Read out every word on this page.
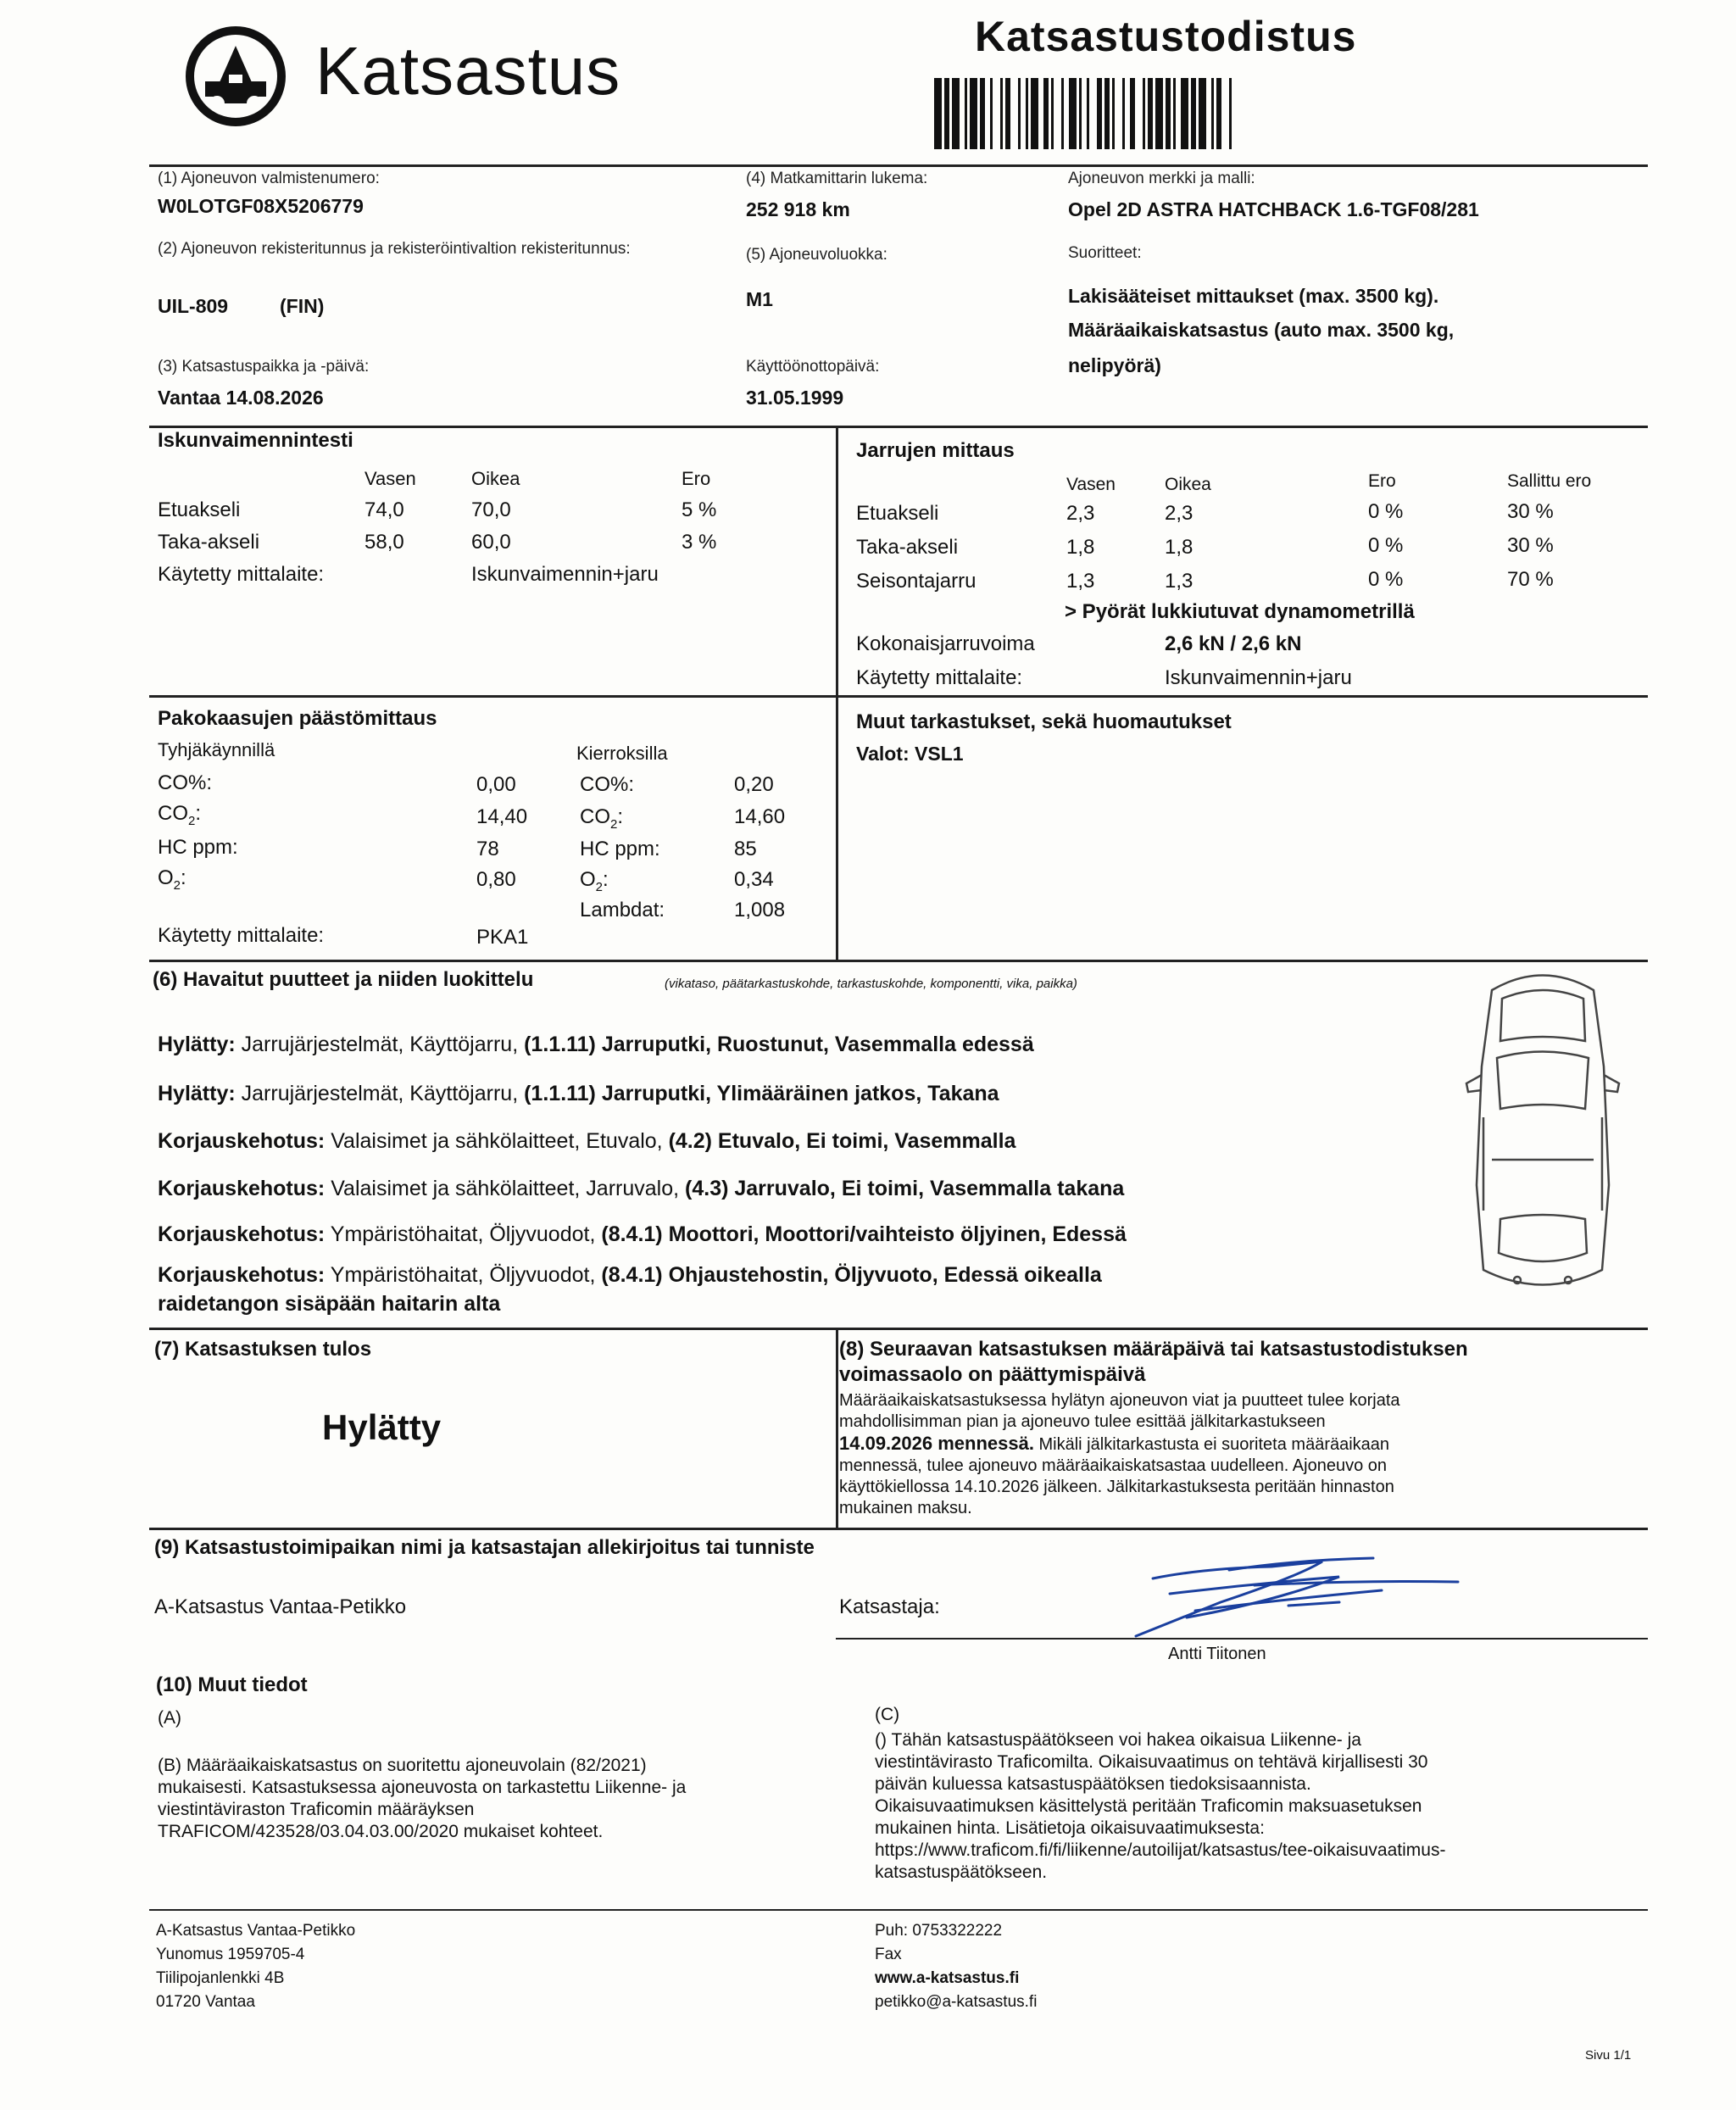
Katsastus	Katsastustodistus
(1) Ajoneuvon valmistenumero:
W0LOTGF08X5206779
(2) Ajoneuvon rekisteritunnus ja rekisteröintivaltion rekisteritunnus:
UIL-809	(FIN)
(3) Katsastuspaikka ja -päivä:
Vantaa 14.08.2026
(4) Matkamittarin lukema:
252 918 km
(5) Ajoneuvoluokka:
M1
Käyttöönottopäivä:
31.05.1999
Ajoneuvon merkki ja malli:
Opel 2D ASTRA HATCHBACK 1.6-TGF08/281
Suoritteet:
Lakisääteiset mittaukset (max. 3500 kg).
Määräaikaiskatsastus (auto max. 3500 kg,
nelipyörä)
Iskunvaimennintesti
Vasen	Oikea	Ero
Etuakseli	74,0	70,0	5 %
Taka-akseli	58,0	60,0	3 %
Käytetty mittalaite:	Iskunvaimennin+jaru
Jarrujen mittaus
Vasen	Oikea	Ero	Sallittu ero
Etuakseli	2,3	2,3	0 %	30 %
Taka-akseli	1,8	1,8	0 %	30 %
Seisontajarru	1,3	1,3	0 %	70 %
> Pyörät lukkiutuvat dynamometrillä
Kokonaisjarruvoima	2,6 kN / 2,6 kN
Käytetty mittalaite:	Iskunvaimennin+jaru
Pakokaasujen päästömittaus
Tyhjäkäynnillä	Kierroksilla
CO%:	0,00	CO%:	0,20
$CO_2$:	14,40	$CO_2$:	14,60
HC ppm:	78	HC ppm:	85
$O_2$:	0,80	$O_2$:	0,34
Lambdat:	1,008
Käytetty mittalaite:	PKA1
Muut tarkastukset, sekä huomautukset
Valot: VSL1
(6) Havaitut puutteet ja niiden luokittelu	(vikataso, päätarkastuskohde, tarkastuskohde, komponentti, vika, paikka)
Hylätty: Jarrujärjestelmät, Käyttöjarru, (1.1.11) Jarruputki, Ruostunut, Vasemmalla edessä
Hylätty: Jarrujärjestelmät, Käyttöjarru, (1.1.11) Jarruputki, Ylimääräinen jatkos, Takana
Korjauskehotus: Valaisimet ja sähkölaitteet, Etuvalo, (4.2) Etuvalo, Ei toimi, Vasemmalla
Korjauskehotus: Valaisimet ja sähkölaitteet, Jarruvalo, (4.3) Jarruvalo, Ei toimi, Vasemmalla takana
Korjauskehotus: Ympäristöhaitat, Öljyvuodot, (8.4.1) Moottori, Moottori/vaihteisto öljyinen, Edessä
Korjauskehotus: Ympäristöhaitat, Öljyvuodot, (8.4.1) Ohjaustehostin, Öljyvuoto, Edessä oikealla
raidetangon sisäpään haitarin alta
(7) Katsastuksen tulos
Hylätty
(8) Seuraavan katsastuksen määräpäivä tai katsastustodistuksen
voimassaolo on päättymispäivä
Määräaikaiskatsastuksessa hylätyn ajoneuvon viat ja puutteet tulee korjata
mahdollisimman pian ja ajoneuvo tulee esittää jälkitarkastukseen
14.09.2026 mennessä. Mikäli jälkitarkastusta ei suoriteta määräaikaan
mennessä, tulee ajoneuvo määräaikaiskatsastaa uudelleen. Ajoneuvo on
käyttökiellossa 14.10.2026 jälkeen. Jälkitarkastuksesta peritään hinnaston
mukainen maksu.
(9) Katsastustoimipaikan nimi ja katsastajan allekirjoitus tai tunniste
A-Katsastus Vantaa-Petikko	Katsastaja:
Antti Tiitonen
(10) Muut tiedot
(A)
(B) Määräaikaiskatsastus on suoritettu ajoneuvolain (82/2021)
mukaisesti. Katsastuksessa ajoneuvosta on tarkastettu Liikenne- ja
viestintäviraston Traficomin määräyksen
TRAFICOM/423528/03.04.03.00/2020 mukaiset kohteet.
(C)
() Tähän katsastuspäätökseen voi hakea oikaisua Liikenne- ja
viestintävirasto Traficomilta. Oikaisuvaatimus on tehtävä kirjallisesti 30
päivän kuluessa katsastuspäätöksen tiedoksisaannista.
Oikaisuvaatimuksen käsittelystä peritään Traficomin maksuasetuksen
mukainen hinta. Lisätietoja oikaisuvaatimuksesta:
https://www.traficom.fi/fi/liikenne/autoilijat/katsastus/tee-oikaisuvaatimus-
katsastuspäätökseen.
A-Katsastus Vantaa-Petikko
Yunomus 1959705-4
Tiilipojanlenkki 4B
01720 Vantaa
Puh: 0753322222
Fax
www.a-katsastus.fi
petikko@a-katsastus.fi
Sivu 1/1
